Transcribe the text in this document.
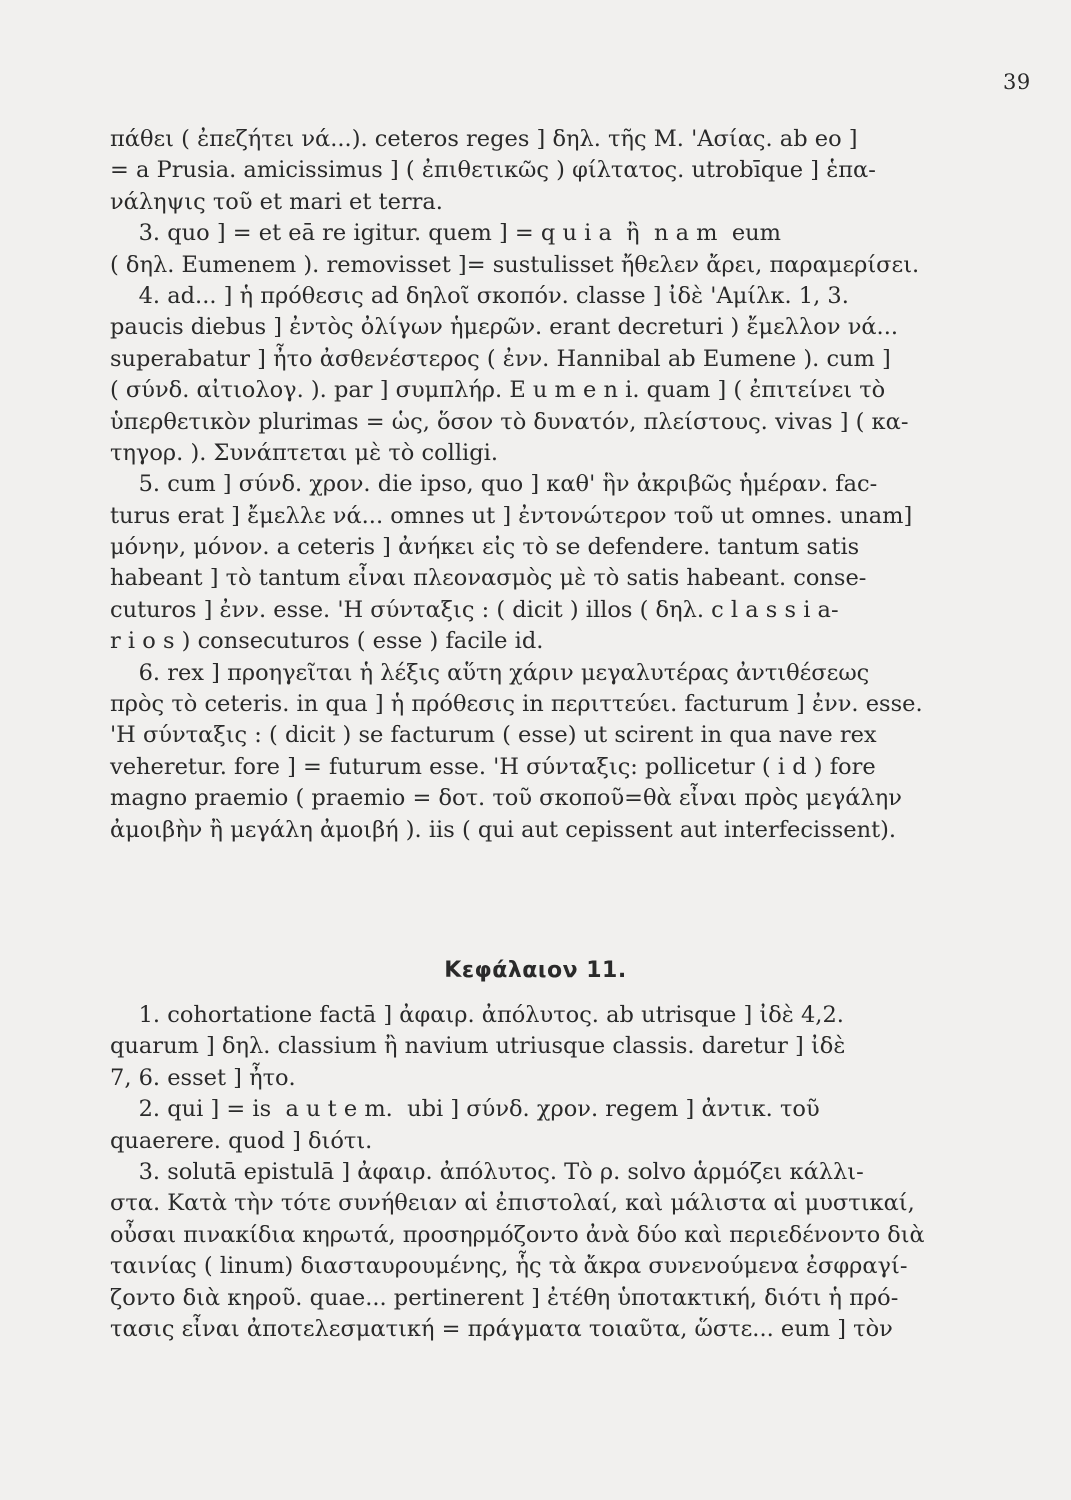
39
πάθει ( ἐπεζήτει νά...). ceteros reges ] δηλ. τῆς Μ. 'Ασίας. ab eo ]
= a Prusia. amicissimus ] ( ἐπιθετικῶς ) φίλτατος. utrobīque ] ἑπα-
νάληψις τοῦ et mari et terra.
3. quo ] = et eā re igitur. quem ] = q u i a  ἢ  n a m  eum
( δηλ. Eumenem ). removisset ]= sustulisset ἤθελεν ἄρει, παραμερίσει.
4. ad... ] ἡ πρόθεσις ad δηλοῖ σκοπόν. classe ] ἰδὲ 'Αμίλκ. 1, 3.
paucis diebus ] ἐντὸς ὀλίγων ἡμερῶν. erant decreturi ) ἔμελλον νά...
superabatur ] ἦτο ἀσθενέστερος ( ἐνν. Hannibal ab Eumene ). cum ]
( σύνδ. αἰτιολογ. ). par ] συμπλήρ. E u m e n i. quam ] ( ἐπιτείνει τὸ
ὑπερθετικὸν plurimas = ὡς, ὅσον τὸ δυνατόν, πλείστους. vivas ] ( κα-
τηγορ. ). Συνάπτεται μὲ τὸ colligi.
5. cum ] σύνδ. χρον. die ipso, quo ] καθ' ἣν ἀκριβῶς ἡμέραν. fac-
turus erat ] ἔμελλε νά... omnes ut ] ἐντονώτερον τοῦ ut omnes. unam]
μόνην, μόνον. a ceteris ] ἀνήκει εἰς τὸ se defendere. tantum satis
habeant ] τὸ tantum εἶναι πλεονασμὸς μὲ τὸ satis habeant. conse-
cuturos ] ἐνν. esse. 'Η σύνταξις : ( dicit ) illos ( δηλ. c l a s s i a-
r i o s ) consecuturos ( esse ) facile id.
6. rex ] προηγεῖται ἡ λέξις αὕτη χάριν μεγαλυτέρας ἀντιθέσεως
πρὸς τὸ ceteris. in qua ] ἡ πρόθεσις in περιττεύει. facturum ] ἐνν. esse.
'Η σύνταξις : ( dicit ) se facturum ( esse) ut scirent in qua nave rex
veheretur. fore ] = futurum esse. 'Η σύνταξις: pollicetur ( i d ) fore
magno praemio ( praemio = δοτ. τοῦ σκοποῦ=θὰ εἶναι πρὸς μεγάλην
ἀμοιβὴν ἢ μεγάλη ἀμοιβή ). iis ( qui aut cepissent aut interfecissent).
Κεφάλαιον 11.
1. cohortatione factā ] ἀφαιρ. ἀπόλυτος. ab utrisque ] ἰδὲ 4,2.
quarum ] δηλ. classium ἢ navium utriusque classis. daretur ] ἰδὲ
7, 6. esset ] ἦτο.
2. qui ] = is  a u t e m.  ubi ] σύνδ. χρον. regem ] ἀντικ. τοῦ
quaerere. quod ] διότι.
3. solutā epistulā ] ἀφαιρ. ἀπόλυτος. Τὸ ρ. solvo ἁρμόζει κάλλι-
στα. Κατὰ τὴν τότε συνήθειαν αἱ ἐπιστολαί, καὶ μάλιστα αἱ μυστικαί,
οὖσαι πινακίδια κηρωτά, προσηρμόζοντο ἀνὰ δύο καὶ περιεδένοντο διὰ
ταινίας ( linum) διασταυρουμένης, ἧς τὰ ἄκρα συνενούμενα ἐσφραγί-
ζοντο διὰ κηροῦ. quae... pertinerent ] ἐτέθη ὑποτακτική, διότι ἡ πρό-
τασις εἶναι ἀποτελεσματική = πράγματα τοιαῦτα, ὥστε... eum ] τὸν
